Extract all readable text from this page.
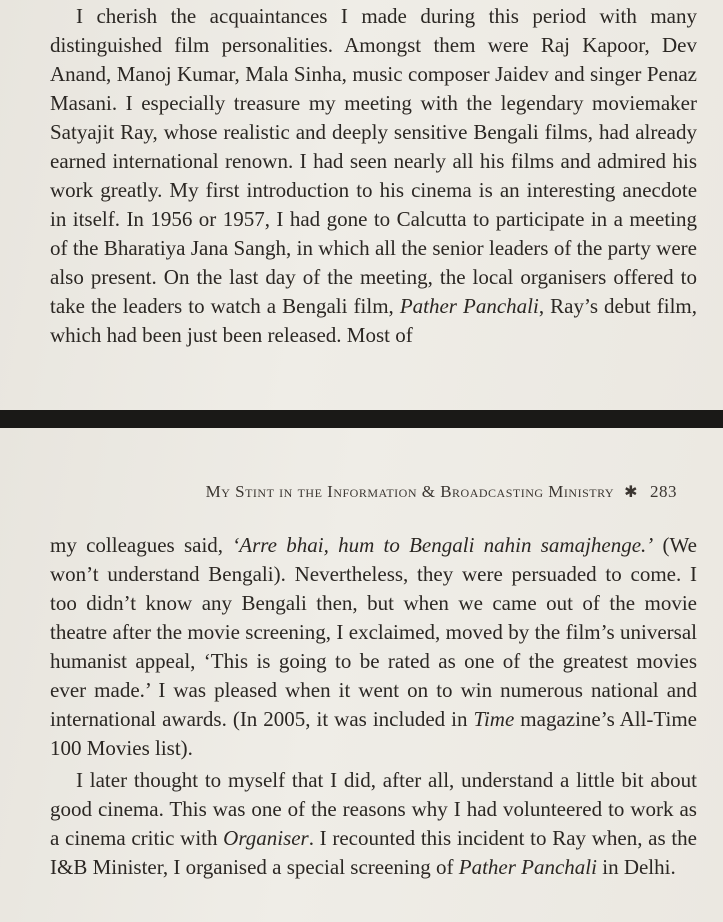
I cherish the acquaintances I made during this period with many distinguished film personalities. Amongst them were Raj Kapoor, Dev Anand, Manoj Kumar, Mala Sinha, music composer Jaidev and singer Penaz Masani. I especially treasure my meeting with the legendary moviemaker Satyajit Ray, whose realistic and deeply sensitive Bengali films, had already earned international renown. I had seen nearly all his films and admired his work greatly. My first introduction to his cinema is an interesting anecdote in itself. In 1956 or 1957, I had gone to Calcutta to participate in a meeting of the Bharatiya Jana Sangh, in which all the senior leaders of the party were also present. On the last day of the meeting, the local organisers offered to take the leaders to watch a Bengali film, Pather Panchali, Ray’s debut film, which had been just been released. Most of

My Stint in the Information & Broadcasting Ministry ✱ 283

my colleagues said, ‘Arre bhai, hum to Bengali nahin samajhenge.’ (We won’t understand Bengali). Nevertheless, they were persuaded to come. I too didn’t know any Bengali then, but when we came out of the movie theatre after the movie screening, I exclaimed, moved by the film’s universal humanist appeal, ‘This is going to be rated as one of the greatest movies ever made.’ I was pleased when it went on to win numerous national and international awards. (In 2005, it was included in Time magazine’s All-Time 100 Movies list).

I later thought to myself that I did, after all, understand a little bit about good cinema. This was one of the reasons why I had volunteered to work as a cinema critic with Organiser. I recounted this incident to Ray when, as the I&B Minister, I organised a special screening of Pather Panchali in Delhi.
